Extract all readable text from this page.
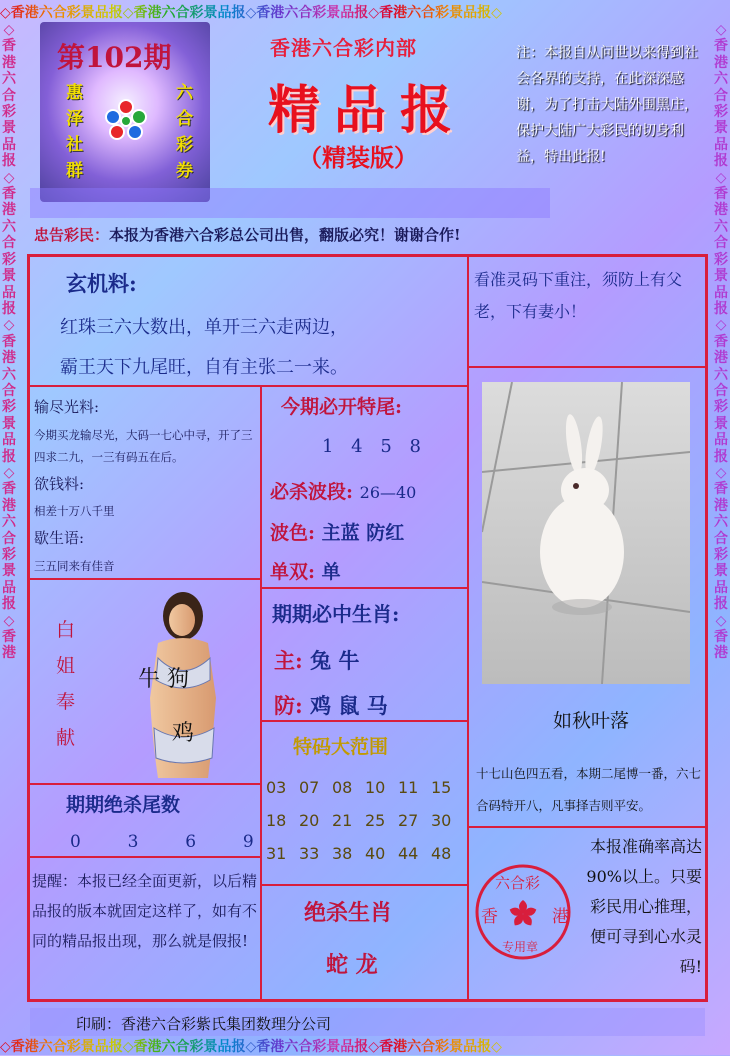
◇香港六合彩景品报◇香港六合彩景品报◇香港六合彩景品报◇香港六合彩景品报◇
◇香港六合彩景品报◇香港六合彩景品报◇香港六合彩景品报◇香港六合彩景品报◇
◇香港六合彩景品报◇香港六合彩景品报◇香港六合彩景品报◇香港六合彩景品报◇香港
◇香港六合彩景品报◇香港六合彩景品报◇香港六合彩景品报◇香港六合彩景品报◇香港
第102期
惠
泽
社
群
六
合
彩
券
香港六合彩内部
精品报
（精装版）
注：本报自从问世以来得到社会各界的支持，在此深深感谢，为了打击大陆外围黑庄，保护大陆广大彩民的切身利益，特出此报!
忠告彩民：本报为香港六合彩总公司出售，翻版必究！谢谢合作!
玄机料:
红珠三六大数出，单开三六走两边，
霸王天下九尾旺，自有主张二一来。
看准灵码下重注，须防上有父老，下有妻小！
输尽光料:
今期买龙输尽光，大码一七心中寻，开了三四求二九，一三有码五在后。
欲钱料:
相差十万八千里
歇生语:
三五同来有佳音
今期必开特尾:
1 4 5 8
必杀波段: 26—40
波色: 主蓝 防红
单双: 单
白
姐
奉
献
牛 狗
鸡
期期必中生肖:
主: 兔 牛
防: 鸡 鼠 马
特码大范围
03 07 08 10 11 15
18 20 21 25 27 30
31 33 38 40 44 48
期期绝杀尾数
0  3  6  9
提醒：本报已经全面更新，以后精品报的版本就固定这样了，如有不同的精品报出现，那么就是假报!
绝杀生肖
蛇 龙
如秋叶落
十七山色四五看，本期二尾博一番，六七合码特开八，凡事择吉则平安。
六合彩
香	港
专用章
本报准确率高达90%以上。只要彩民用心推理，便可寻到心水灵码!
印刷：香港六合彩紫氏集团数理分公司
